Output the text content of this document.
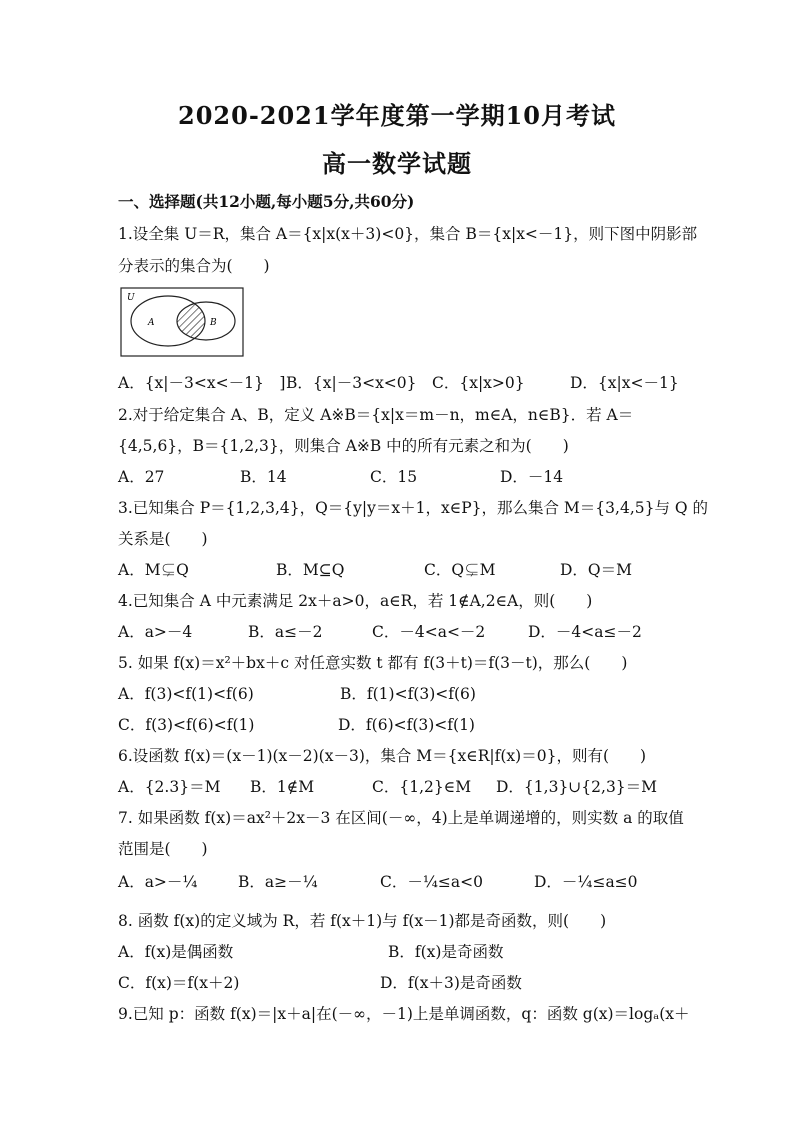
2020-2021学年度第一学期10月考试
高一数学试题
一、选择题(共12小题,每小题5分,共60分)
1.设全集 U＝R，集合 A＝{x|x(x＋3)<0}，集合 B＝{x|x<－1}，则下图中阴影部
分表示的集合为(　　)
U
A	B
A．{x|－3<x<－1}　] B．{x|－3<x<0} C．{x|x>0}	D．{x|x<－1}
2.对于给定集合 A、B，定义 A※B＝{x|x＝m－n，m∈A，n∈B}．若 A＝
{4,5,6}，B＝{1,2,3}，则集合 A※B 中的所有元素之和为(　　)
A．27	B．14	C．15	D．－14
3.已知集合 P＝{1,2,3,4}，Q＝{y|y＝x＋1，x∈P}，那么集合 M＝{3,4,5}与 Q 的
关系是(　　)
A．M⊊Q	B．M⊆Q	C．Q⊊M	D．Q＝M
4.已知集合 A 中元素满足 2x＋a>0，a∈R，若 1∉A,2∈A，则(　　)
A．a>－4	B．a≤－2	C．－4<a<－2	D．－4<a≤－2
5. 如果 f(x)＝x²＋bx＋c 对任意实数 t 都有 f(3＋t)＝f(3－t)，那么(　　)
A．f(3)<f(1)<f(6)	B．f(1)<f(3)<f(6)
C．f(3)<f(6)<f(1)	D．f(6)<f(3)<f(1)
6.设函数 f(x)＝(x－1)(x－2)(x－3)，集合 M＝{x∈R|f(x)＝0}，则有(　　)
A．{2.3}＝M B．1∉M	C．{1,2}∈M D．{1,3}∪{2,3}＝M
7. 如果函数 f(x)＝ax²＋2x－3 在区间(－∞，4)上是单调递增的，则实数 a 的取值
范围是(　　)
A．a>－¼	B．a≥－¼	C．－¼≤a<0	D．－¼≤a≤0
8. 函数 f(x)的定义域为 R，若 f(x＋1)与 f(x－1)都是奇函数，则(　　)
A．f(x)是偶函数	B．f(x)是奇函数
C．f(x)＝f(x＋2)	D．f(x＋3)是奇函数
9.已知 p：函数 f(x)＝|x＋a|在(－∞，－1)上是单调函数，q：函数 g(x)＝logₐ(x＋
